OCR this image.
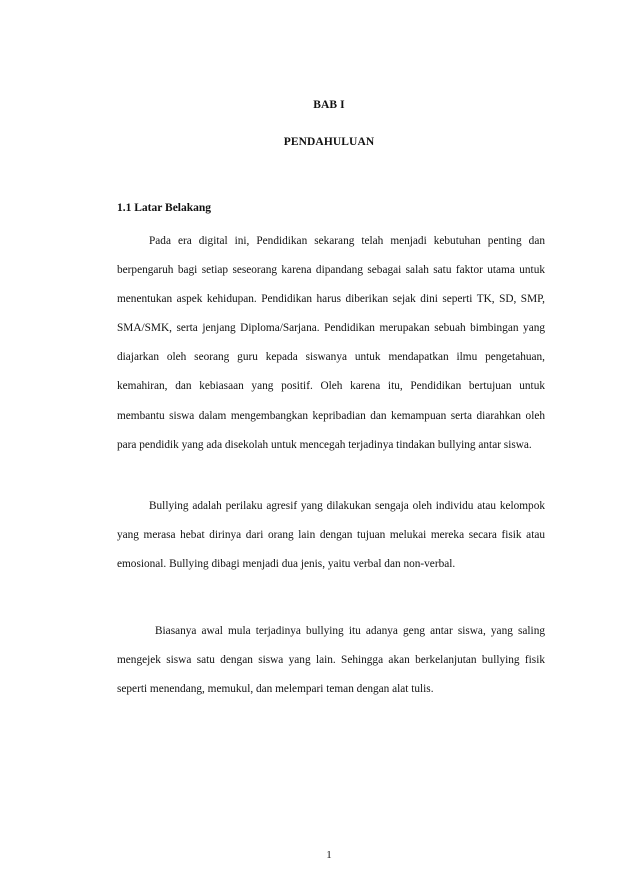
BAB I
PENDAHULUAN
1.1 Latar Belakang

Pada era digital ini, Pendidikan sekarang telah menjadi kebutuhan penting dan berpengaruh bagi setiap seseorang karena dipandang sebagai salah satu faktor utama untuk menentukan aspek kehidupan. Pendidikan harus diberikan sejak dini seperti TK, SD, SMP, SMA/SMK, serta jenjang Diploma/Sarjana. Pendidikan merupakan sebuah bimbingan yang diajarkan oleh seorang guru kepada siswanya untuk mendapatkan ilmu pengetahuan, kemahiran, dan kebiasaan yang positif. Oleh karena itu, Pendidikan bertujuan untuk membantu siswa dalam mengembangkan kepribadian dan kemampuan serta diarahkan oleh para pendidik yang ada disekolah untuk mencegah terjadinya tindakan bullying antar siswa.

Bullying adalah perilaku agresif yang dilakukan sengaja oleh individu atau kelompok yang merasa hebat dirinya dari orang lain dengan tujuan melukai mereka secara fisik atau emosional. Bullying dibagi menjadi dua jenis, yaitu verbal dan non-verbal.

Biasanya awal mula terjadinya bullying itu adanya geng antar siswa, yang saling mengejek siswa satu dengan siswa yang lain. Sehingga akan berkelanjutan bullying fisik seperti menendang, memukul, dan melempari teman dengan alat tulis.

1
